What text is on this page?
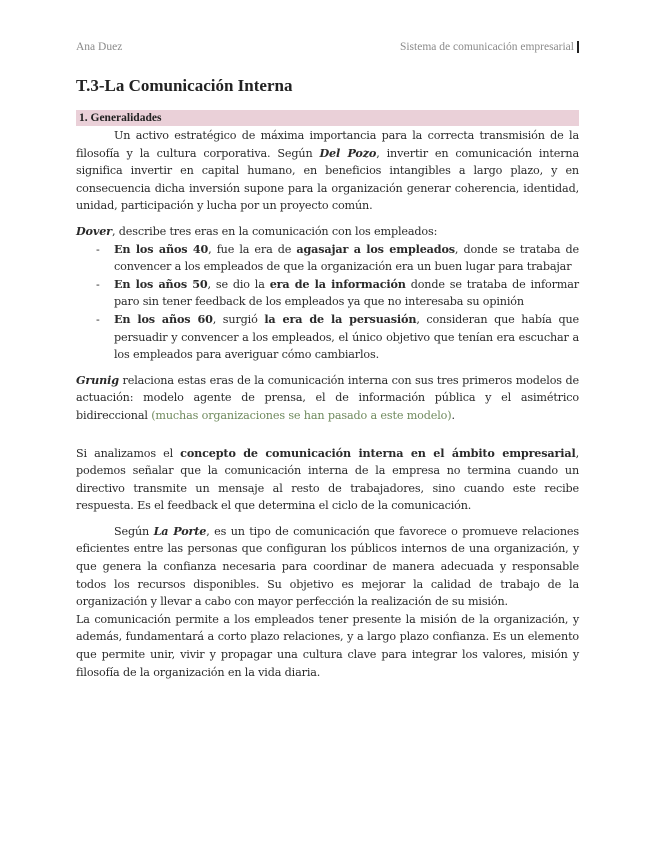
Ana Duez	Sistema de comunicación empresarial
T.3-La Comunicación Interna
1. Generalidades

Un activo estratégico de máxima importancia para la correcta transmisión de la filosofía y la cultura corporativa. Según Del Pozo, invertir en comunicación interna significa invertir en capital humano, en beneficios intangibles a largo plazo, y en consecuencia dicha inversión supone para la organización generar coherencia, identidad, unidad, participación y lucha por un proyecto común.

Dover, describe tres eras en la comunicación con los empleados:

- En los años 40, fue la era de agasajar a los empleados, donde se trataba de convencer a los empleados de que la organización era un buen lugar para trabajar
- En los años 50, se dio la era de la información donde se trataba de informar paro sin tener feedback de los empleados ya que no interesaba su opinión
- En los años 60, surgió la era de la persuasión, consideran que había que persuadir y convencer a los empleados, el único objetivo que tenían era escuchar a los empleados para averiguar cómo cambiarlos.

Grunig relaciona estas eras de la comunicación interna con sus tres primeros modelos de actuación: modelo agente de prensa, el de información pública y el asimétrico bidireccional (muchas organizaciones se han pasado a este modelo).

Si analizamos el concepto de comunicación interna en el ámbito empresarial, podemos señalar que la comunicación interna de la empresa no termina cuando un directivo transmite un mensaje al resto de trabajadores, sino cuando este recibe respuesta. Es el feedback el que determina el ciclo de la comunicación.

Según La Porte, es un tipo de comunicación que favorece o promueve relaciones eficientes entre las personas que configuran los públicos internos de una organización, y que genera la confianza necesaria para coordinar de manera adecuada y responsable todos los recursos disponibles. Su objetivo es mejorar la calidad de trabajo de la organización y llevar a cabo con mayor perfección la realización de su misión.

La comunicación permite a los empleados tener presente la misión de la organización, y además, fundamentará a corto plazo relaciones, y a largo plazo confianza. Es un elemento que permite unir, vivir y propagar una cultura clave para integrar los valores, misión y filosofía de la organización en la vida diaria.
